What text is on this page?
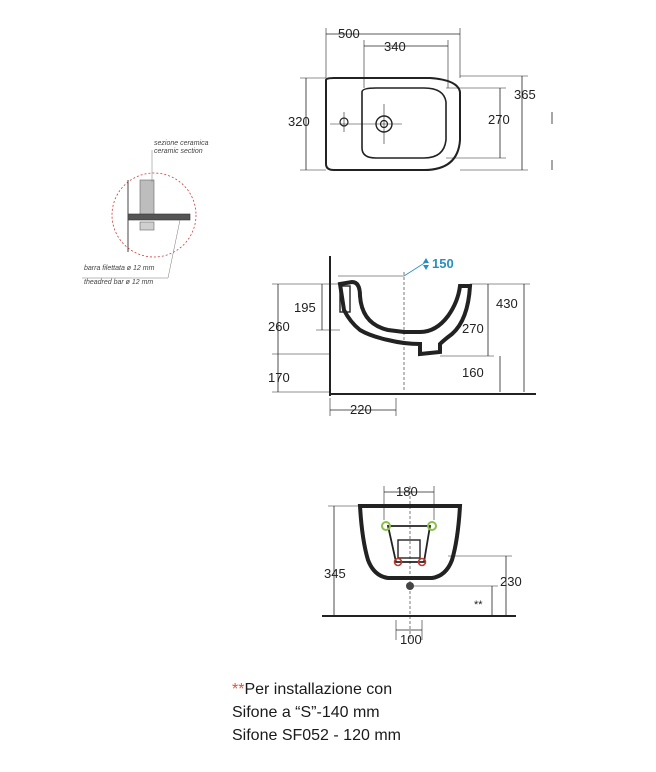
500
340
320	270
365
sezione ceramica
ceramic section
barra filettata ø 12 mm
theadred bar ø 12 mm
150
195
260
170
430
270
160
220
180
345
230
**
100
**Per installazione con
Sifone a “S”-140 mm
Sifone SF052 - 120 mm
